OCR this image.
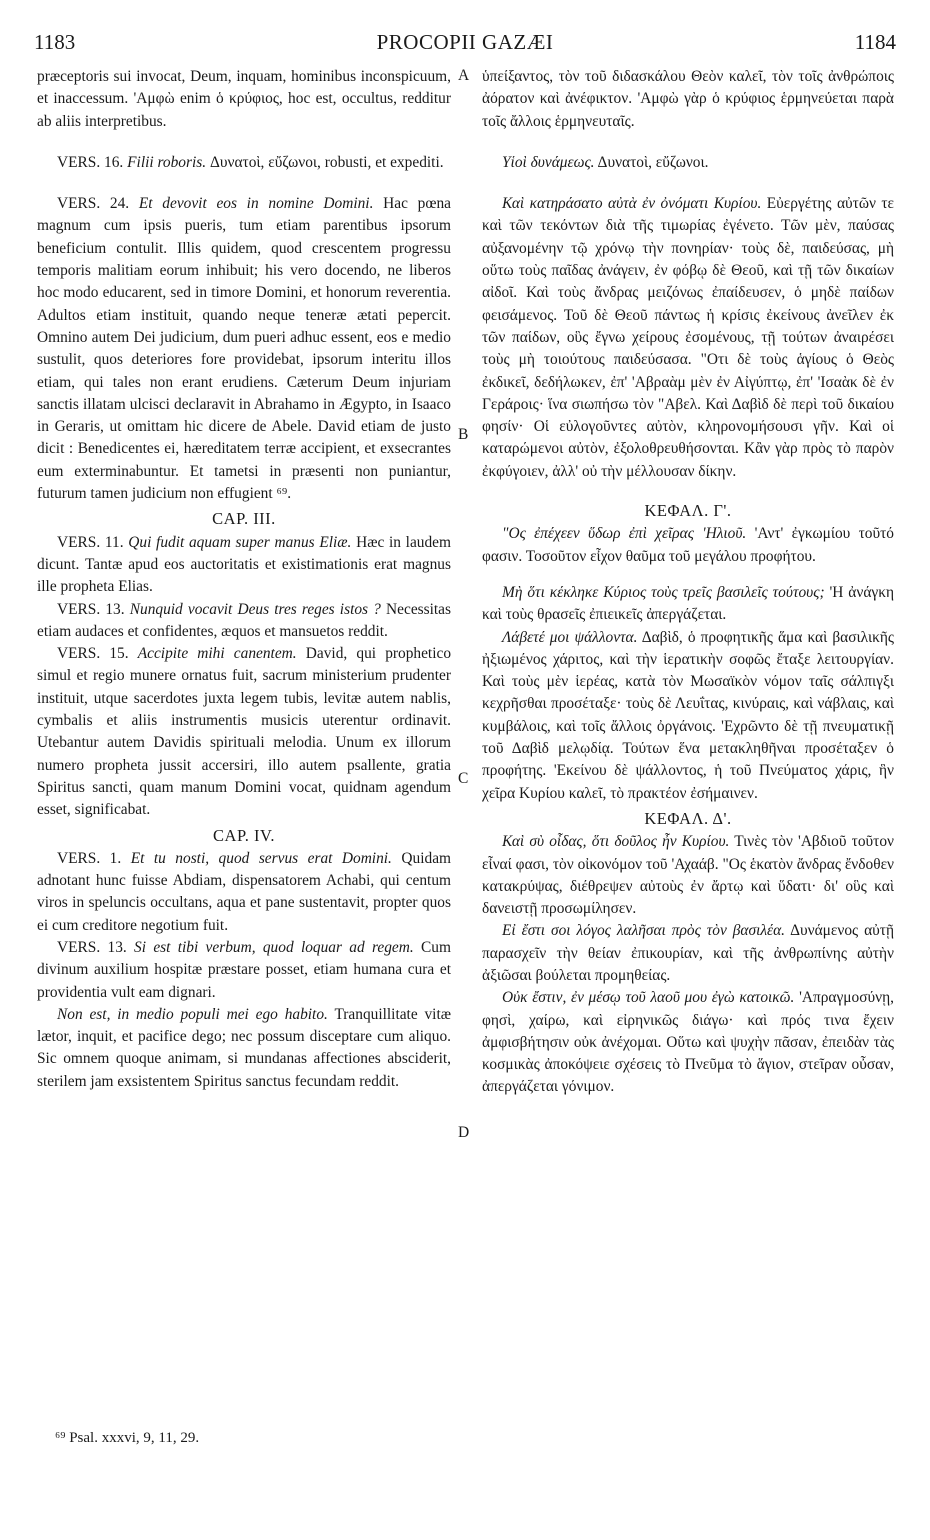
1183	PROCOPII GAZÆI	1184
A
B
C
D

præceptoris sui invocat, Deum, inquam, hominibus inconspicuum, et inaccessum. 'Αμφὼ enim ὁ κρύφιος, hoc est, occultus, redditur ab aliis interpretibus.

VERS. 16. Filii roboris. Δυνατοὶ, εὔζωνοι, robusti, et expediti.

VERS. 24. Et devovit eos in nomine Domini. Hac pœna magnum cum ipsis pueris, tum etiam parentibus ipsorum beneficium contulit. Illis quidem, quod crescentem progressu temporis malitiam eorum inhibuit; his vero docendo, ne liberos hoc modo educarent, sed in timore Domini, et honorum reverentia. Adultos etiam instituit, quando neque teneræ ætati pepercit. Omnino autem Dei judicium, dum pueri adhuc essent, eos e medio sustulit, quos deteriores fore providebat, ipsorum interitu illos etiam, qui tales non erant erudiens. Cæterum Deum injuriam sanctis illatam ulcisci declaravit in Abrahamo in Ægypto, in Isaaco in Geraris, ut omittam hic dicere de Abele. David etiam de justo dicit : Benedicentes ei, hæreditatem terræ accipient, et exsecrantes eum exterminabuntur. Et tametsi in præsenti non puniantur, futurum tamen judicium non effugient ⁶⁹.

CAP. III.

VERS. 11. Qui fudit aquam super manus Eliæ. Hæc in laudem dicunt. Tantæ apud eos auctoritatis et existimationis erat magnus ille propheta Elias.

VERS. 13. Nunquid vocavit Deus tres reges istos ? Necessitas etiam audaces et confidentes, æquos et mansuetos reddit.

VERS. 15. Accipite mihi canentem. David, qui prophetico simul et regio munere ornatus fuit, sacrum ministerium prudenter instituit, utque sacerdotes juxta legem tubis, levitæ autem nablis, cymbalis et aliis instrumentis musicis uterentur ordinavit. Utebantur autem Davidis spirituali melodia. Unum ex illorum numero propheta jussit accersiri, illo autem psallente, gratia Spiritus sancti, quam manum Domini vocat, quidnam agendum esset, significabat.

CAP. IV.

VERS. 1. Et tu nosti, quod servus erat Domini. Quidam adnotant hunc fuisse Abdiam, dispensatorem Achabi, qui centum viros in speluncis occultans, aqua et pane sustentavit, propter quos ei cum creditore negotium fuit.

VERS. 13. Si est tibi verbum, quod loquar ad regem. Cum divinum auxilium hospitæ præstare posset, etiam humana cura et providentia vult eam dignari.

Non est, in medio populi mei ego habito. Tranquillitate vitæ lætor, inquit, et pacifice dego; nec possum disceptare cum aliquo. Sic omnem quoque animam, si mundanas affectiones absciderit, sterilem jam exsistentem Spiritus sanctus fecundam reddit.

ὑπείξαντος, τὸν τοῦ διδασκάλου Θεὸν καλεῖ, τὸν τοῖς ἀνθρώποις ἀόρατον καὶ ἀνέφικτον. 'Αμφὼ γὰρ ὁ κρύφιος ἑρμηνεύεται παρὰ τοῖς ἄλλοις ἑρμηνευταῖς.

Υἱοὶ δυνάμεως. Δυνατοὶ, εὔζωνοι.

Καὶ κατηράσατο αὐτὰ ἐν ὀνόματι Κυρίου. Εὐεργέτης αὐτῶν τε καὶ τῶν τεκόντων διὰ τῆς τιμωρίας ἐγένετο. Τῶν μὲν, παύσας αὐξανομένην τῷ χρόνῳ τὴν πονηρίαν· τοὺς δὲ, παιδεύσας, μὴ οὕτω τοὺς παῖδας ἀνάγειν, ἐν φόβῳ δὲ Θεοῦ, καὶ τῇ τῶν δικαίων αἰδοῖ. Καὶ τοὺς ἄνδρας μειζόνως ἐπαίδευσεν, ὁ μηδὲ παίδων φεισάμενος. Τοῦ δὲ Θεοῦ πάντως ἡ κρίσις ἐκείνους ἀνεῖλεν ἐκ τῶν παίδων, οὓς ἔγνω χείρους ἐσομένους, τῇ τούτων ἀναιρέσει τοὺς μὴ τοιούτους παιδεύσασα. "Οτι δὲ τοὺς ἁγίους ὁ Θεὸς ἐκδικεῖ, δεδήλωκεν, ἐπ' 'Αβραὰμ μὲν ἐν Αἰγύπτῳ, ἐπ' 'Ισαὰκ δὲ ἐν Γεράροις· ἵνα σιωπήσω τὸν "Αβελ. Καὶ Δαβὶδ δὲ περὶ τοῦ δικαίου φησίν· Οἱ εὐλογοῦντες αὐτὸν, κληρονομήσουσι γῆν. Καὶ οἱ καταρώμενοι αὐτὸν, ἐξολοθρευθήσονται. Κἂν γὰρ πρὸς τὸ παρὸν ἐκφύγοιεν, ἀλλ' οὐ τὴν μέλλουσαν δίκην.

ΚΕΦΑΛ. Γ'.

"Ος ἐπέχεεν ὕδωρ ἐπὶ χεῖρας 'Ηλιοῦ. 'Αντ' ἐγκωμίου τοῦτό φασιν. Τοσοῦτον εἶχον θαῦμα τοῦ μεγάλου προφήτου.

Μὴ ὅτι κέκληκε Κύριος τοὺς τρεῖς βασιλεῖς τούτους; 'Η ἀνάγκη καὶ τοὺς θρασεῖς ἐπιεικεῖς ἀπεργάζεται.

Λάβετέ μοι ψάλλοντα. Δαβὶδ, ὁ προφητικῆς ἅμα καὶ βασιλικῆς ἠξιωμένος χάριτος, καὶ τὴν ἱερατικὴν σοφῶς ἔταξε λειτουργίαν. Καὶ τοὺς μὲν ἱερέας, κατὰ τὸν Μωσαϊκὸν νόμον ταῖς σάλπιγξι κεχρῆσθαι προσέταξε· τοὺς δὲ Λευΐτας, κινύραις, καὶ νάβλαις, καὶ κυμβάλοις, καὶ τοῖς ἄλλοις ὀργάνοις. 'Εχρῶντο δὲ τῇ πνευματικῇ τοῦ Δαβὶδ μελῳδίᾳ. Τούτων ἕνα μετακληθῆναι προσέταξεν ὁ προφήτης. 'Εκείνου δὲ ψάλλοντος, ἡ τοῦ Πνεύματος χάρις, ἣν χεῖρα Κυρίου καλεῖ, τὸ πρακτέον ἐσήμαινεν.

ΚΕΦΑΛ. Δ'.

Καὶ σὺ οἶδας, ὅτι δοῦλος ἦν Κυρίου. Τινὲς τὸν 'Αβδιοῦ τοῦτον εἶναί φασι, τὸν οἰκονόμον τοῦ 'Αχαάβ. "Ος ἑκατὸν ἄνδρας ἔνδοθεν κατακρύψας, διέθρεψεν αὐτοὺς ἐν ἄρτῳ καὶ ὕδατι· δι' οὓς καὶ δανειστῇ προσωμίλησεν.

Εἰ ἔστι σοι λόγος λαλῆσαι πρὸς τὸν βασιλέα. Δυνάμενος αὐτῇ παρασχεῖν τὴν θείαν ἐπικουρίαν, καὶ τῆς ἀνθρωπίνης αὐτὴν ἀξιῶσαι βούλεται προμηθείας.

Οὐκ ἔστιν, ἐν μέσῳ τοῦ λαοῦ μου ἐγὼ κατοικῶ. 'Απραγμοσύνῃ, φησὶ, χαίρω, καὶ εἰρηνικῶς διάγω· καὶ πρός τινα ἔχειν ἀμφισβήτησιν οὐκ ἀνέχομαι. Οὕτω καὶ ψυχὴν πᾶσαν, ἐπειδὰν τὰς κοσμικὰς ἀποκόψειε σχέσεις τὸ Πνεῦμα τὸ ἅγιον, στεῖραν οὖσαν, ἀπεργάζεται γόνιμον.

⁶⁹ Psal. xxxvi, 9, 11, 29.
